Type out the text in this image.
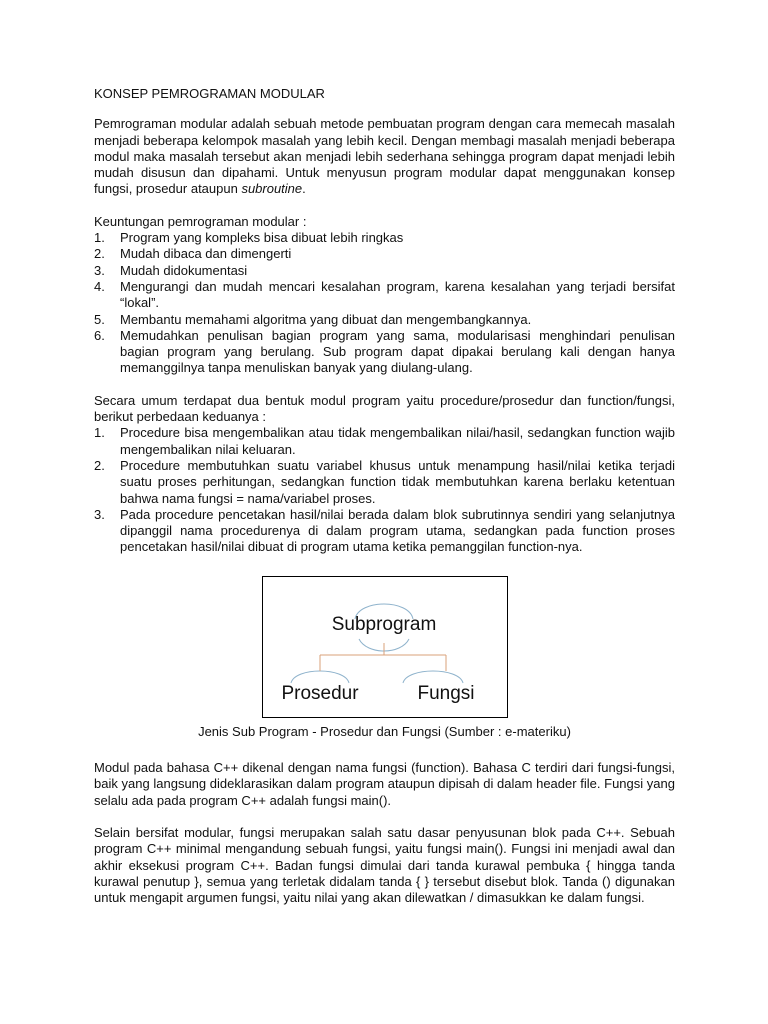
KONSEP PEMROGRAMAN MODULAR

Pemrograman modular adalah sebuah metode pembuatan program dengan cara memecah masalah menjadi beberapa kelompok masalah yang lebih kecil. Dengan membagi masalah menjadi beberapa modul maka masalah tersebut akan menjadi lebih sederhana sehingga program dapat menjadi lebih mudah disusun dan dipahami. Untuk menyusun program modular dapat menggunakan konsep fungsi, prosedur ataupun subroutine.

Keuntungan pemrograman modular :

1. Program yang kompleks bisa dibuat lebih ringkas
2. Mudah dibaca dan dimengerti
3. Mudah didokumentasi
4. Mengurangi dan mudah mencari kesalahan program, karena kesalahan yang terjadi bersifat “lokal”.
5. Membantu memahami algoritma yang dibuat dan mengembangkannya.
6. Memudahkan penulisan bagian program yang sama, modularisasi menghindari penulisan bagian program yang berulang. Sub program dapat dipakai berulang kali dengan hanya memanggilnya tanpa menuliskan banyak yang diulang-ulang.

Secara umum terdapat dua bentuk modul program yaitu procedure/prosedur dan function/fungsi, berikut perbedaan keduanya :

1. Procedure bisa mengembalikan atau tidak mengembalikan nilai/hasil, sedangkan function wajib mengembalikan nilai keluaran.
2. Procedure membutuhkan suatu variabel khusus untuk menampung hasil/nilai ketika terjadi suatu proses perhitungan, sedangkan function tidak membutuhkan karena berlaku ketentuan bahwa nama fungsi = nama/variabel proses.
3. Pada procedure pencetakan hasil/nilai berada dalam blok subrutinnya sendiri yang selanjutnya dipanggil nama procedurenya di dalam program utama, sedangkan pada function proses pencetakan hasil/nilai dibuat di program utama ketika pemanggilan function-nya.
Subprogram
Prosedur	Fungsi
Jenis Sub Program - Prosedur dan Fungsi (Sumber : e-materiku)

Modul pada bahasa C++ dikenal dengan nama fungsi (function). Bahasa C terdiri dari fungsi-fungsi, baik yang langsung dideklarasikan dalam program ataupun dipisah di dalam header file. Fungsi yang selalu ada pada program C++ adalah fungsi main().

Selain bersifat modular, fungsi merupakan salah satu dasar penyusunan blok pada C++. Sebuah program C++ minimal mengandung sebuah fungsi, yaitu fungsi main(). Fungsi ini menjadi awal dan akhir eksekusi program C++. Badan fungsi dimulai dari tanda kurawal pembuka { hingga tanda kurawal penutup }, semua yang terletak didalam tanda { } tersebut disebut blok. Tanda () digunakan untuk mengapit argumen fungsi, yaitu nilai yang akan dilewatkan / dimasukkan ke dalam fungsi.
